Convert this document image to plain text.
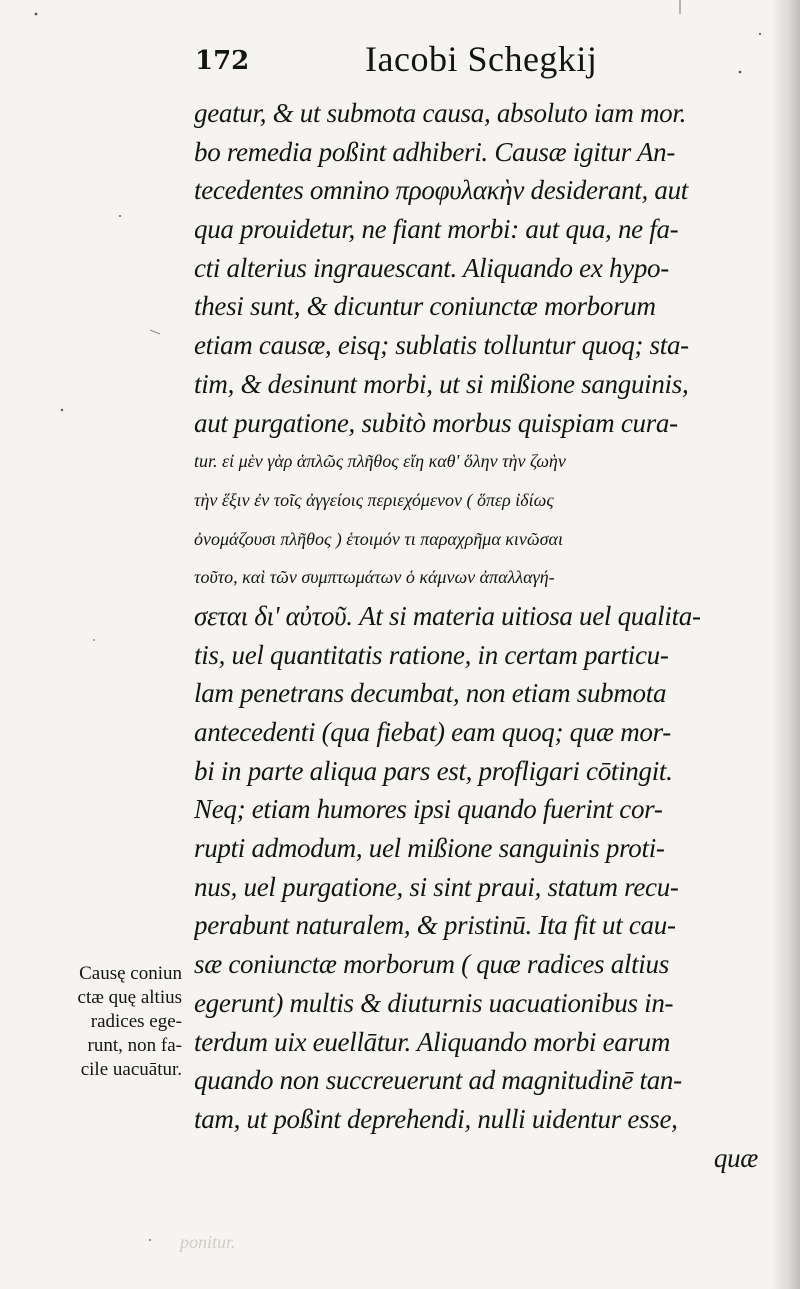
172	Iacobi Schegkij
geatur, & ut submota causa, absoluto iam mor.
bo remedia poßint adhiberi. Causæ igitur An-
tecedentes omnino προφυλακὴν desiderant, aut
qua prouidetur, ne fiant morbi: aut qua, ne fa-
cti alterius ingrauescant. Aliquando ex hypo-
thesi sunt, & dicuntur coniunctæ morborum
etiam causæ, eisq; sublatis tolluntur quoq; sta-
tim, & desinunt morbi, ut si mißione sanguinis,
aut purgatione, subitò morbus quispiam cura-
tur. εἰ μὲν γὰρ ἁπλῶς πλῆθος εἴη καθ' ὅλην τὴν ζωὴν
τὴν ἕξιν ἐν τοῖς ἀγγείοις περιεχόμενον ( ὅπερ ἰδίως
ὀνομάζουσι πλῆθος ) ἑτοιμόν τι παραχρῆμα κινῶσαι
τοῦτο, καὶ τῶν συμπτωμάτων ὁ κάμνων ἀπαλλαγή-
σεται δι' αὐτοῦ. At si materia uitiosa uel qualita-
tis, uel quantitatis ratione, in certam particu-
lam penetrans decumbat, non etiam submota
antecedenti (qua fiebat) eam quoq; quæ mor-
bi in parte aliqua pars est, profligari cōtingit.
Neq; etiam humores ipsi quando fuerint cor-
rupti admodum, uel mißione sanguinis proti-
nus, uel purgatione, si sint praui, statum recu-
perabunt naturalem, & pristinū. Ita fit ut cau-
sæ coniunctæ morborum ( quæ radices altius
egerunt) multis & diuturnis uacuationibus in-
terdum uix euellātur. Aliquando morbi earum
quando non succreuerunt ad magnitudinē tan-
tam, ut poßint deprehendi, nulli uidentur esse,
quæ
Causę coniun
ctæ quę altius
radices ege-
runt, non fa-
cile uacuātur.
ponitur.
